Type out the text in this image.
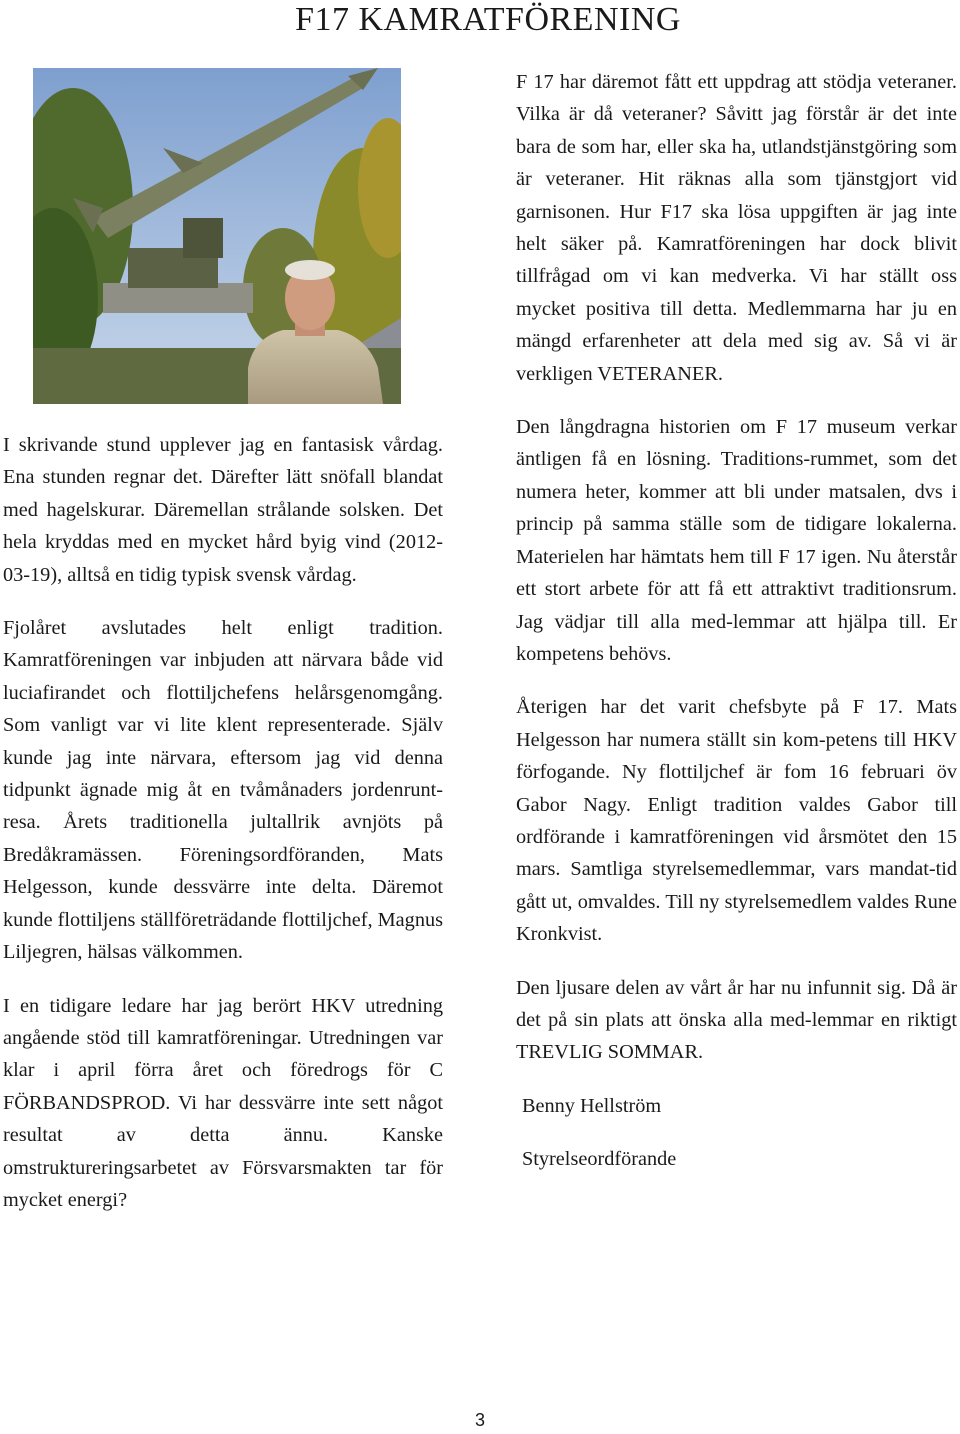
F17 KAMRATFÖRENING

I skrivande stund upplever jag en fantasisk vårdag. Ena stunden regnar det. Därefter lätt snöfall blandat med hagelskurar. Däremellan strålande solsken. Det hela kryddas med en mycket hård byig vind (2012-03-19), alltså en tidig typisk svensk vårdag.

Fjolåret avslutades helt enligt tradition. Kamratföreningen var inbjuden att närvara både vid luciafirandet och flottiljchefens helårsgenomgång. Som vanligt var vi lite klent representerade. Själv kunde jag inte närvara, eftersom jag vid denna tidpunkt ägnade mig åt en tvåmånaders jordenrunt-resa. Årets traditionella jultallrik avnjöts på Bredåkramässen. Föreningsordföranden, Mats Helgesson, kunde dessvärre inte delta. Däremot kunde flottiljens ställföreträdande flottiljchef, Magnus Liljegren, hälsas välkommen.

I en tidigare ledare har jag berört HKV utredning angående stöd till kamratföreningar. Utredningen var klar i april förra året och föredrogs för C FÖRBANDSPROD. Vi har dessvärre inte sett något resultat av detta ännu. Kanske omstruktureringsarbetet av Försvarsmakten tar för mycket energi?

F 17 har däremot fått ett uppdrag att stödja veteraner. Vilka är då veteraner? Såvitt jag förstår är det inte bara de som har, eller ska ha, utlandstjänstgöring som är veteraner. Hit räknas alla som tjänstgjort vid garnisonen. Hur F17 ska lösa uppgiften är jag inte helt säker på. Kamratföreningen har dock blivit tillfrågad om vi kan medverka. Vi har ställt oss mycket positiva till detta. Medlemmarna har ju en mängd erfarenheter att dela med sig av. Så vi är verkligen VETERANER.

Den långdragna historien om F 17 museum verkar äntligen få en lösning. Traditions-rummet, som det numera heter, kommer att bli under matsalen, dvs i princip på samma ställe som de tidigare lokalerna. Materielen har hämtats hem till F 17 igen. Nu återstår ett stort arbete för att få ett attraktivt traditionsrum. Jag vädjar till alla med-lemmar att hjälpa till. Er kompetens behövs.

Återigen har det varit chefsbyte på F 17. Mats Helgesson har numera ställt sin kom-petens till HKV förfogande. Ny flottiljchef är fom 16 februari öv Gabor Nagy. Enligt tradition valdes Gabor till ordförande i kamratföreningen vid årsmötet den 15 mars. Samtliga styrelsemedlemmar, vars mandat-tid gått ut, omvaldes. Till ny styrelsemedlem valdes Rune Kronkvist.

Den ljusare delen av vårt år har nu infunnit sig. Då är det på sin plats att önska alla med-lemmar en riktigt TREVLIG SOMMAR.

Benny Hellström

Styrelseordförande

3
